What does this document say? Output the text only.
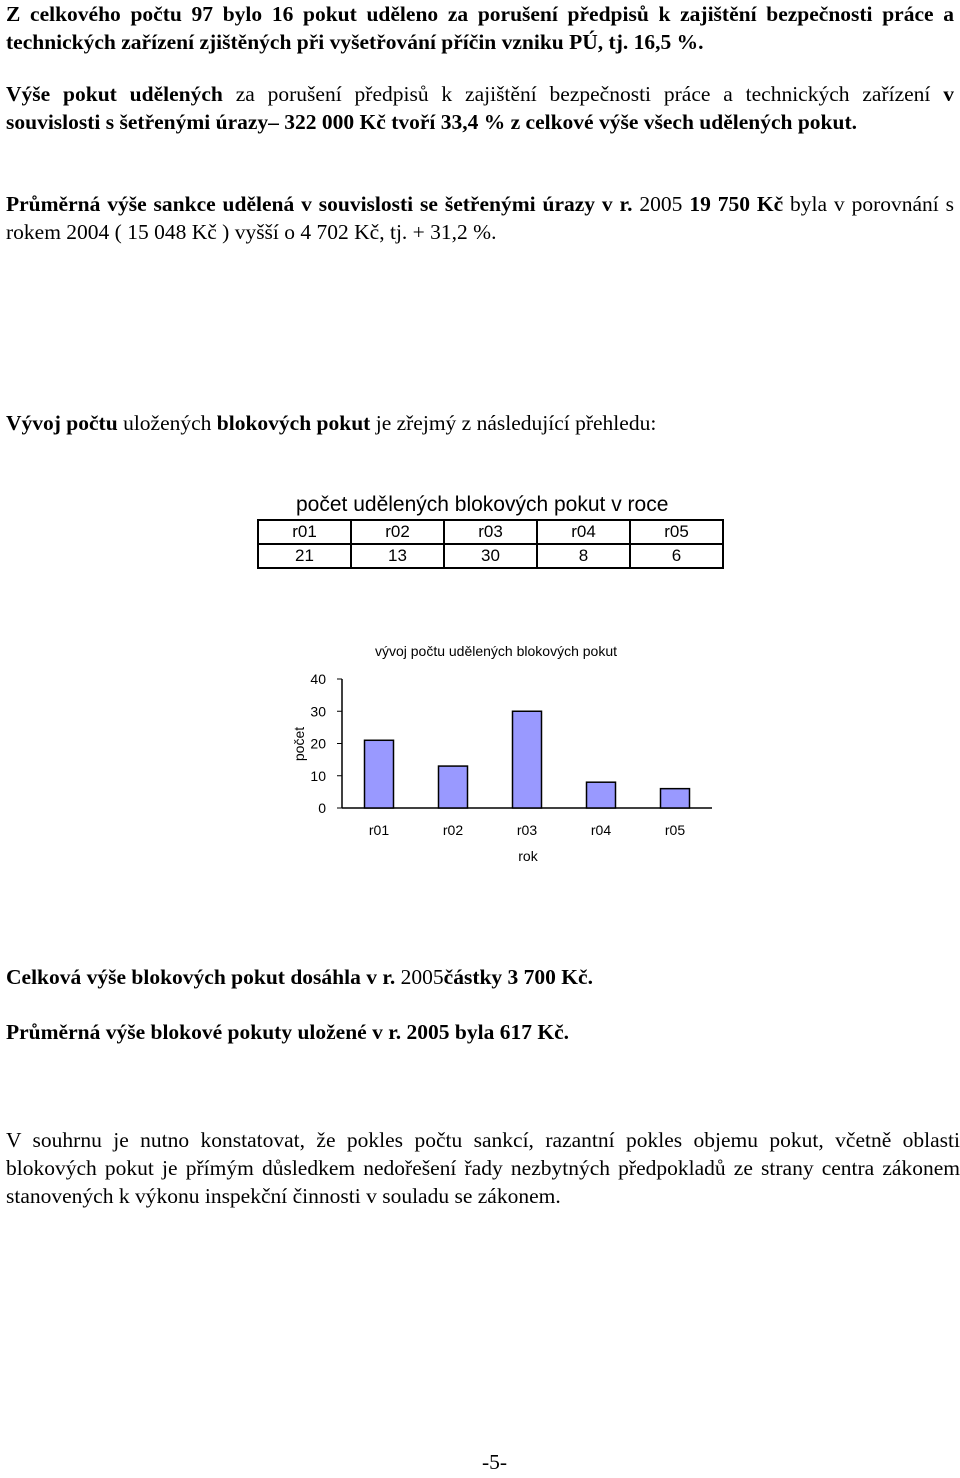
Z celkového počtu 97 bylo 16 pokut uděleno za porušení předpisů k zajištění bezpečnosti práce a technických zařízení zjištěných při vyšetřování příčin vzniku PÚ, tj. 16,5 %.
Výše pokut udělených za porušení předpisů k zajištění bezpečnosti práce a technických zařízení v souvislosti s šetřenými úrazy– 322 000 Kč tvoří 33,4 % z celkové výše všech udělených pokut.
Průměrná výše sankce udělená v souvislosti se šetřenými úrazy v r. 2005 19 750 Kč byla v porovnání s rokem 2004 ( 15 048 Kč ) vyšší o 4 702 Kč, tj. + 31,2 %.
Vývoj počtu uložených blokových pokut je zřejmý z následující přehledu:
počet udělených blokových pokut v roce
r01	r02	r03	r04	r05
21	13	30	8	6
vývoj počtu udělených blokových pokut
počet
rok
0
10
20
30
40
r01	r02	r03	r04	r05
Celková výše blokových pokut dosáhla v r. 2005částky 3 700 Kč.
Průměrná výše blokové pokuty uložené v r. 2005 byla 617 Kč.
V souhrnu je nutno konstatovat, že pokles počtu sankcí, razantní pokles objemu pokut, včetně oblasti blokových pokut je přímým důsledkem nedořešení řady nezbytných předpokladů ze strany centra zákonem stanovených k výkonu inspekční činnosti v souladu se zákonem.
-5-
